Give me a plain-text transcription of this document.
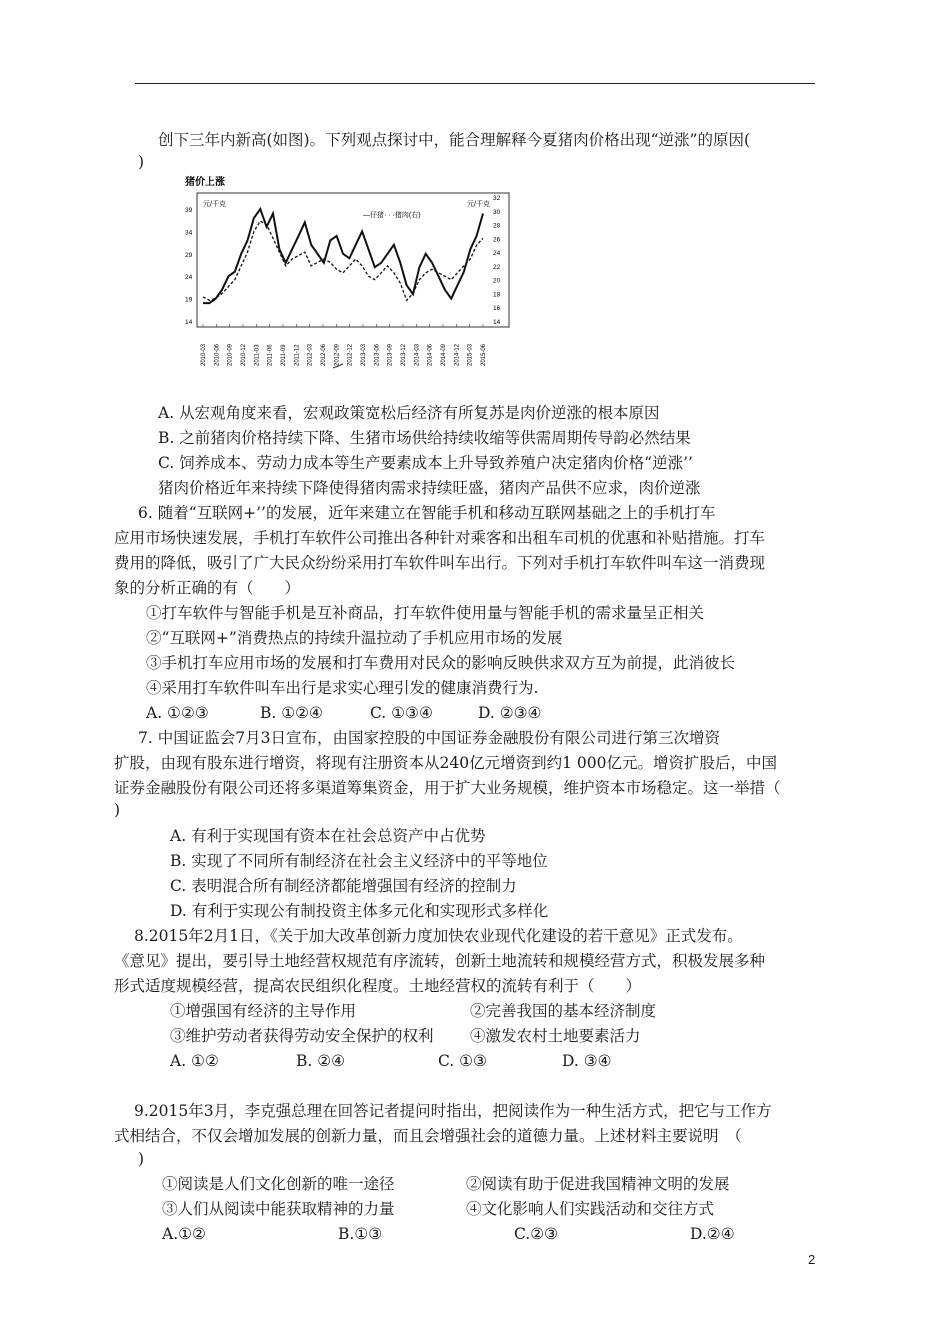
创下三年内新高(如图)。下列观点探讨中，能合理解释今夏猪肉价格出现“逆涨”的原因(
)
猪价上涨
元/千克	元/千克
—仔猪· · ·猪肉(右)
39
34
29
24
19
14
32
30
28
26
24
22
20
18
16
14
2010-03 2010-06 2010-09 2010-12 2011-03 2011-06 2011-09 2011-12 2012-03 2012-06 2012-09 2012-12 2013-03 2013-06 2013-09 2013-12 2014-03 2014-06 2014-09 2014-12 2015-03 2015-06
A. 从宏观角度来看，宏观政策宽松后经济有所复苏是肉价逆涨的根本原因
B. 之前猪肉价格持续下降、生猪市场供给持续收缩等供需周期传导韵必然结果
C. 饲养成本、劳动力成本等生产要素成本上升导致养殖户决定猪肉价格“逆涨’’
猪肉价格近年来持续下降使得猪肉需求持续旺盛，猪肉产品供不应求，肉价逆涨
6. 随着“互联网+’’的发展，近年来建立在智能手机和移动互联网基础之上的手机打车
应用市场快速发展，手机打车软件公司推出各种针对乘客和出租车司机的优惠和补贴措施。打车
费用的降低，吸引了广大民众纷纷采用打车软件叫车出行。下列对手机打车软件叫车这一消费现
象的分析正确的有（　　）
①打车软件与智能手机是互补商品，打车软件使用量与智能手机的需求量呈正相关
②“互联网+”消费热点的持续升温拉动了手机应用市场的发展
③手机打车应用市场的发展和打车费用对民众的影响反映供求双方互为前提，此消彼长
④采用打车软件叫车出行是求实心理引发的健康消费行为.
A. ①②③	B. ①②④	C. ①③④	D. ②③④
7. 中国证监会7月3日宣布，由国家控股的中国证券金融股份有限公司进行第三次增资
扩股，由现有股东进行增资，将现有注册资本从240亿元增资到约1 000亿元。增资扩股后，中国
证券金融股份有限公司还将多渠道筹集资金，用于扩大业务规模，维护资本市场稳定。这一举措（
)
A. 有利于实现国有资本在社会总资产中占优势
B. 实现了不同所有制经济在社会主义经济中的平等地位
C. 表明混合所有制经济都能增强国有经济的控制力
D. 有利于实现公有制投资主体多元化和实现形式多样化
8.2015年2月1日，《关于加大改革创新力度加快农业现代化建设的若干意见》正式发布。
《意见》提出，要引导土地经营权规范有序流转，创新土地流转和规模经营方式，积极发展多种
形式适度规模经营，提高农民组织化程度。土地经营权的流转有利于（　　）
①增强国有经济的主导作用	②完善我国的基本经济制度
③维护劳动者获得劳动安全保护的权利 ④激发农村土地要素活力
A. ①②	B. ②④	C. ①③	D. ③④
9.2015年3月，李克强总理在回答记者提问时指出，把阅读作为一种生活方式，把它与工作方
式相结合，不仅会增加发展的创新力量，而且会增强社会的道德力量。上述材料主要说明　（
)
①阅读是人们文化创新的唯一途径	②阅读有助于促进我国精神文明的发展
③人们从阅读中能获取精神的力量	④文化影响人们实践活动和交往方式
A.①②	B.①③	C.②③	D.②④
2
